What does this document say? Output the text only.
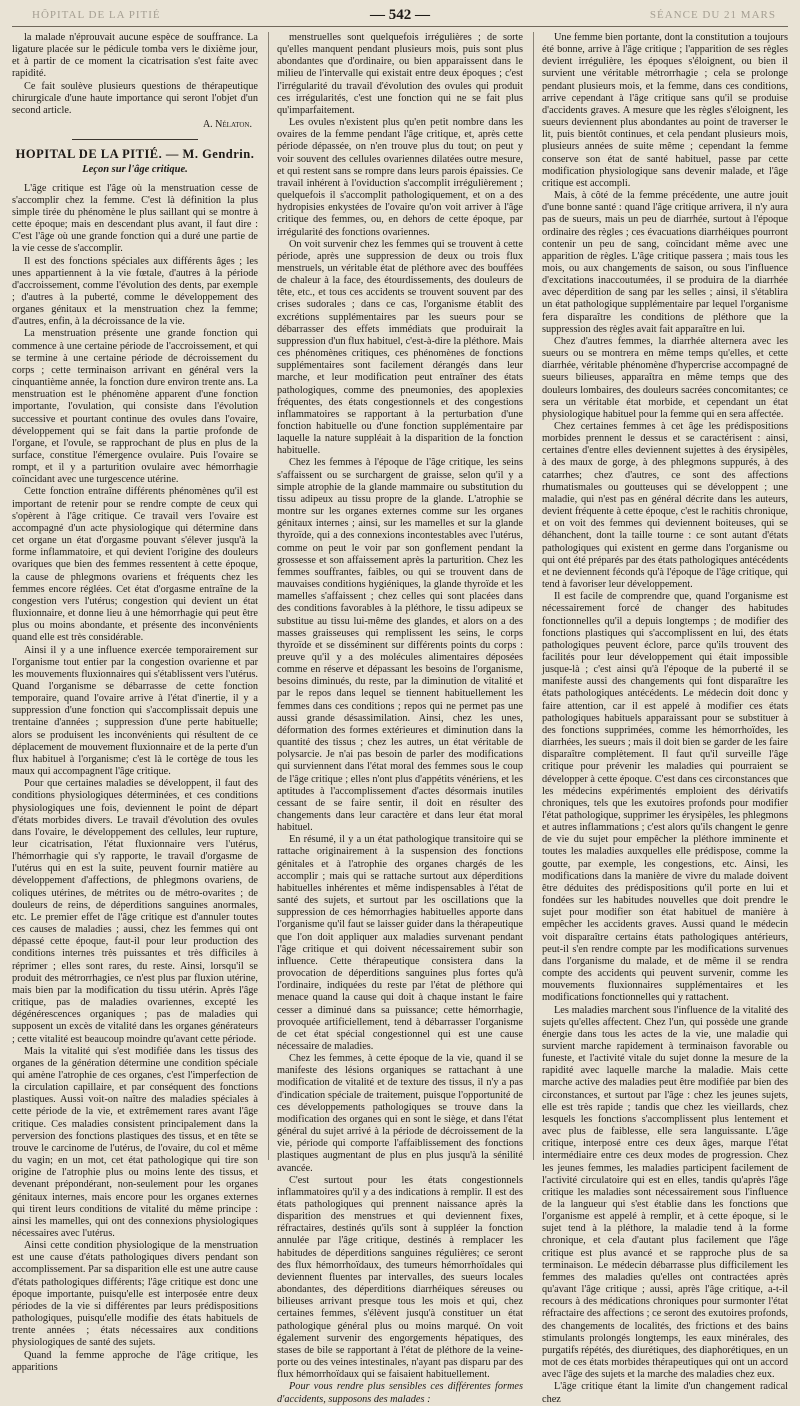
HÔPITAL DE LA PITIÉ	— 542 —	SÉANCE DU 21 MARS

la malade n'éprouvait aucune espèce de souffrance. La ligature placée sur le pédicule tomba vers le dixième jour, et à partir de ce moment la cicatrisation s'est faite avec rapidité.

Ce fait soulève plusieurs questions de thérapeutique chirurgicale d'une haute importance qui seront l'objet d'un second article.

A. Nélaton.
HOPITAL DE LA PITIÉ. — M. Gendrin.
Leçon sur l'âge critique.

L'âge critique est l'âge où la menstruation cesse de s'accomplir chez la femme. C'est là définition la plus simple tirée du phénomène le plus saillant qui se montre à cette époque; mais en descendant plus avant, il faut dire : C'est l'âge où une grande fonction qui a duré une partie de la vie cesse de s'accomplir.

Il est des fonctions spéciales aux différents âges ; les unes appartiennent à la vie fœtale, d'autres à la période d'accroissement, comme l'évolution des dents, par exemple ; d'autres à la puberté, comme le développement des organes génitaux et la menstruation chez la femme; d'autres, enfin, à la décroissance de la vie.

La menstruation présente une grande fonction qui commence à une certaine période de l'accroissement, et qui se termine à une certaine période de décroissement du corps ; cette terminaison arrivant en général vers la cinquantième année, la fonction dure environ trente ans. La menstruation est le phénomène apparent d'une fonction importante, l'ovulation, qui consiste dans l'évolution successive et pourtant continue des ovules dans l'ovaire, développement qui se fait dans la partie profonde de l'organe, et l'ovule, se rapprochant de plus en plus de la surface, constitue l'émergence ovulaire. Puis l'ovaire se rompt, et il y a parturition ovulaire avec hémorrhagie coïncidant avec une turgescence utérine.

Cette fonction entraîne différents phénomènes qu'il est important de retenir pour se rendre compte de ceux qui s'opèrent à l'âge critique. Ce travail vers l'ovaire est accompagné d'un acte physiologique qui détermine dans cet organe un état d'orgasme pouvant s'élever jusqu'à la forme inflammatoire, et qui devient l'origine des douleurs ovariques que bien des femmes ressentent à cette époque, la cause de phlegmons ovariens et fréquents chez les femmes encore réglées. Cet état d'orgasme entraîne de la congestion vers l'utérus; congestion qui devient un état fluxionnaire, et donne lieu à une hémorrhagie qui peut être plus ou moins abondante, et présente des inconvénients quand elle est très considérable.

Ainsi il y a une influence exercée temporairement sur l'organisme tout entier par la congestion ovarienne et par les mouvements fluxionnaires qui s'établissent vers l'utérus. Quand l'organisme se débarrasse de cette fonction temporaire, quand l'ovaire arrive à l'état d'inertie, il y a suppression d'une fonction qui s'accomplissait depuis une trentaine d'années ; suppression d'une perte habituelle; alors se produisent les inconvénients qui résultent de ce déplacement de mouvement fluxionnaire et de la perte d'un flux habituel à l'organisme; c'est là le cortège de tous les maux qui accompagnent l'âge critique.

Pour que certaines maladies se développent, il faut des conditions physiologiques déterminées, et ces conditions physiologiques une fois, deviennent le point de départ d'états morbides divers. Le travail d'évolution des ovules dans l'ovaire, le développement des cellules, leur rupture, leur cicatrisation, l'état fluxionnaire vers l'utérus, l'hémorrhagie qui s'y rapporte, le travail d'orgasme de l'utérus qui en est la suite, peuvent fournir matière au développement d'affections, de phlegmons ovariens, de coliques utérines, de métrites ou de métro-ovarites ; de douleurs de reins, de déperditions sanguines anormales, etc. Le premier effet de l'âge critique est d'annuler toutes ces causes de maladies ; aussi, chez les femmes qui ont dépassé cette époque, faut-il pour leur production des conditions internes très puissantes et très difficiles à réprimer ; elles sont rares, du reste. Ainsi, lorsqu'il se produit des métrorrhagies, ce n'est plus par fluxion utérine, mais bien par la modification du tissu utérin. Après l'âge critique, pas de maladies ovariennes, excepté les dégénérescences organiques ; pas de maladies qui supposent un excès de vitalité dans les organes générateurs ; cette vitalité est beaucoup moindre qu'avant cette période.

Mais la vitalité qui s'est modifiée dans les tissus des organes de la génération détermine une condition spéciale qui amène l'atrophie de ces organes, c'est l'imperfection de la circulation capillaire, et par conséquent des fonctions plastiques. Aussi voit-on naître des maladies spéciales à cette période de la vie, et extrêmement rares avant l'âge critique. Ces maladies consistent principalement dans la perversion des fonctions plastiques des tissus, et en tête se trouve le carcinome de l'utérus, de l'ovaire, du col et même du vagin; en un mot, cet état pathologique qui tire son origine de l'atrophie plus ou moins lente des tissus, et devenant prépondérant, non-seulement pour les organes génitaux internes, mais encore pour les organes externes qui tirent leurs conditions de vitalité du même principe : ainsi les mamelles, qui ont des connexions physiologiques nécessaires avec l'utérus.

Ainsi cette condition physiologique de la menstruation est une cause d'états pathologiques divers pendant son accomplissement. Par sa disparition elle est une autre cause d'états pathologiques différents; l'âge critique est donc une époque importante, puisqu'elle est interposée entre deux périodes de la vie si différentes par leurs prédispositions pathologiques, puisqu'elle modifie des états habituels de trente années ; états nécessaires aux conditions physiologiques de santé des sujets.

Quand la femme approche de l'âge critique, les apparitions

menstruelles sont quelquefois irrégulières ; de sorte qu'elles manquent pendant plusieurs mois, puis sont plus abondantes que d'ordinaire, ou bien apparaissent dans le milieu de l'intervalle qui existait entre deux époques ; c'est l'irrégularité du travail d'évolution des ovules qui produit ces irrégularités, c'est une fonction qui ne se fait plus qu'imparfaitement.

Les ovules n'existent plus qu'en petit nombre dans les ovaires de la femme pendant l'âge critique, et, après cette période dépassée, on n'en trouve plus du tout; on peut y voir souvent des cellules ovariennes dilatées outre mesure, et qui restent sans se rompre dans leurs parois épaissies. Ce travail inhérent à l'oviduction s'accomplit irrégulièrement ; quelquefois il s'accomplit pathologiquement, et on a des hydropisies enkystées de l'ovaire qu'on voit arriver à l'âge critique des femmes, ou, en dehors de cette époque, par irrégularité des fonctions ovariennes.

On voit survenir chez les femmes qui se trouvent à cette période, après une suppression de deux ou trois flux menstruels, un véritable état de pléthore avec des bouffées de chaleur à la face, des étourdissements, des douleurs de tête, etc., et tous ces accidents se trouvent souvent par des crises sudorales ; dans ce cas, l'organisme établit des excrétions supplémentaires par les sueurs pour se débarrasser des effets immédiats que produirait la suppression d'un flux habituel, c'est-à-dire la pléthore. Mais ces phénomènes critiques, ces phénomènes de fonctions supplémentaires sont facilement dérangés dans leur marche, et leur modification peut entraîner des états pathologiques, comme des pneumonies, des apoplexies fréquentes, des états congestionnels et des congestions inflammatoires se rapportant à la perturbation d'une fonction habituelle ou d'une fonction supplémentaire par laquelle la nature suppléait à la disparition de la fonction habituelle.

Chez les femmes à l'époque de l'âge critique, les seins s'affaissent ou se surchargent de graisse, selon qu'il y a simple atrophie de la glande mammaire ou substitution du tissu adipeux au tissu propre de la glande. L'atrophie se montre sur les organes externes comme sur les organes génitaux internes ; ainsi, sur les mamelles et sur la glande thyroïde, qui a des connexions incontestables avec l'utérus, comme on peut le voir par son gonflement pendant la grossesse et son affaissement après la parturition. Chez les femmes souffrantes, faibles, ou qui se trouvent dans de mauvaises conditions hygiéniques, la glande thyroïde et les mamelles s'affaissent ; chez celles qui sont placées dans des conditions favorables à la pléthore, le tissu adipeux se substitue au tissu lui-même des glandes, et alors on a des masses graisseuses qui remplissent les seins, le corps thyroïde et se disséminent sur différents points du corps : preuve qu'il y a des molécules alimentaires déposées comme en réserve et dépassant les besoins de l'organisme, besoins diminués, du reste, par la diminution de vitalité et par le repos dans lequel se tiennent habituellement les femmes dans ces conditions ; repos qui ne permet pas une aussi grande désassimilation. Ainsi, chez les unes, déformation des formes extérieures et diminution dans la quantité des tissus ; chez les autres, un état véritable de polysarcie. Je n'ai pas besoin de parler des modifications qui surviennent dans l'état moral des femmes sous le coup de l'âge critique ; elles n'ont plus d'appétits vénériens, et les aptitudes à l'accomplissement d'actes désormais inutiles cessant de se faire sentir, il doit en résulter des changements dans leur caractère et dans leur état moral habituel.

En résumé, il y a un état pathologique transitoire qui se rattache originairement à la suspension des fonctions génitales et à l'atrophie des organes chargés de les accomplir ; mais qui se rattache surtout aux déperditions habituelles inhérentes et même indispensables à l'état de santé des sujets, et surtout par les oscillations que la suppression de ces hémorrhagies habituelles apporte dans l'organisme qu'il faut se laisser guider dans la thérapeutique que l'on doit appliquer aux maladies survenant pendant l'âge critique et qui doivent nécessairement subir son influence. Cette thérapeutique consistera dans la provocation de déperditions sanguines plus fortes qu'à l'ordinaire, indiquées du reste par l'état de pléthore qui menace quand la cause qui doit à chaque instant le faire cesser a diminué dans sa puissance; cette hémorrhagie, provoquée artificiellement, tend à débarrasser l'organisme de cet état spécial congestionnel qui est une cause nécessaire de maladies.

Chez les femmes, à cette époque de la vie, quand il se manifeste des lésions organiques se rattachant à une modification de vitalité et de texture des tissus, il n'y a pas d'indication spéciale de traitement, puisque l'opportunité de ces développements pathologiques se trouve dans la modification des organes qui en sont le siège, et dans l'état général du sujet arrivé à la période de décroissement de la vie, période qui comporte l'affaiblissement des fonctions plastiques augmentant de plus en plus jusqu'à la sénilité avancée.

C'est surtout pour les états congestionnels inflammatoires qu'il y a des indications à remplir. Il est des états pathologiques qui prennent naissance après la disparition des menstrues et qui deviennent fixes, réfractaires, destinés qu'ils sont à suppléer la fonction annulée par l'âge critique, destinés à remplacer les habitudes de déperditions sanguines régulières; ce seront des flux hémorrhoïdaux, des tumeurs hémorrhoïdales qui deviennent fluentes par intervalles, des sueurs locales abondantes, des déperditions diarrhéiques séreuses ou bilieuses arrivant presque tous les mois et qui, chez certaines femmes, s'élèvent jusqu'à constituer un état pathologique général plus ou moins marqué. On voit également survenir des engorgements hépatiques, des stases de bile se rapportant à l'état de pléthore de la veine-porte ou des veines intestinales, n'ayant pas disparu par des flux hémorrhoïdaux qui se faisaient habituellement.

Pour vous rendre plus sensibles ces différentes formes d'accidents, supposons des malades :

Une femme bien portante, dont la constitution a toujours été bonne, arrive à l'âge critique ; l'apparition de ses règles devient irrégulière, les époques s'éloignent, ou bien il survient une véritable métrorrhagie ; cela se prolonge pendant plusieurs mois, et la femme, dans ces conditions, arrive cependant à l'âge critique sans qu'il se produise d'accidents graves. A mesure que les règles s'éloignent, les sueurs deviennent plus abondantes au point de traverser le lit, puis bientôt continues, et cela pendant plusieurs mois, plusieurs années de suite même ; cependant la femme conserve son état de santé habituel, passe par cette modification physiologique sans devenir malade, et l'âge critique est accompli.

Mais, à côté de la femme précédente, une autre jouit d'une bonne santé : quand l'âge critique arrivera, il n'y aura pas de sueurs, mais un peu de diarrhée, surtout à l'époque ordinaire des règles ; ces évacuations diarrhéiques pourront contenir un peu de sang, coïncidant même avec une apparition de règles. L'âge critique passera ; mais tous les mois, ou aux changements de saison, ou sous l'influence d'excitations inaccoutumées, il se produira de la diarrhée avec déperdition de sang par les selles ; ainsi, il s'établira un état pathologique supplémentaire par lequel l'organisme fera disparaître les conditions de pléthore que la suppression des règles avait fait apparaître en lui.

Chez d'autres femmes, la diarrhée alternera avec les sueurs ou se montrera en même temps qu'elles, et cette diarrhée, véritable phénomène d'hypercrise accompagné de sueurs bilieuses, apparaîtra en même temps que des douleurs lombaires, des douleurs sacrées concomitantes; ce sera un véritable état morbide, et cependant un état physiologique habituel pour la femme qui en sera affectée.

Chez certaines femmes à cet âge les prédispositions morbides prennent le dessus et se caractérisent : ainsi, certaines d'entre elles deviennent sujettes à des érysipèles, à des maux de gorge, à des phlegmons suppurés, à des catarrhes; chez d'autres, ce sont des affections rhumatismales ou goutteuses qui se développent ; une maladie, qui n'est pas en général décrite dans les auteurs, devient fréquente à cette époque, c'est le rachitis chronique, et on voit des femmes qui deviennent boiteuses, qui se déhanchent, dont la taille tourne : ce sont autant d'états pathologiques qui existent en germe dans l'organisme ou qui ont été préparés par des états pathologiques antécédents et ne deviennent féconds qu'à l'époque de l'âge critique, qui tend à favoriser leur développement.

Il est facile de comprendre que, quand l'organisme est nécessairement forcé de changer des habitudes fonctionnelles qu'il a depuis longtemps ; de modifier des fonctions plastiques qui s'accomplissent en lui, des états pathologiques peuvent éclore, parce qu'ils trouvent des facilités pour leur développement qui était impossible jusque-là ; c'est ainsi qu'à l'époque de la puberté il se manifeste aussi des changements qui font disparaître les états pathologiques antécédents. Le médecin doit donc y faire attention, car il est appelé à modifier ces états pathologiques habituels apparaissant pour se substituer à des fonctions supprimées, comme les hémorrhoïdes, les diarrhées, les sueurs ; mais il doit bien se garder de les faire disparaître complètement. Il faut qu'il surveille l'âge critique pour prévenir les maladies qui pourraient se développer à cette époque. C'est dans ces circonstances que les médecins expérimentés emploient des dérivatifs chroniques, tels que les exutoires profonds pour modifier l'état pathologique, supprimer les érysipèles, les phlegmons et autres inflammations ; c'est alors qu'ils changent le genre de vie du sujet pour empêcher la pléthore imminente et toutes les maladies auxquelles elle prédispose, comme la goutte, par exemple, les congestions, etc. Ainsi, les modifications dans la manière de vivre du malade doivent être déduites des prédispositions qu'il porte en lui et fondées sur les habitudes nouvelles que doit prendre le sujet pour modifier son état habituel de manière à empêcher les accidents graves. Aussi quand le médecin voit disparaître certains états pathologiques antérieurs, peut-il s'en rendre compte par les modifications survenues dans l'organisme du malade, et de même il se rendra compte des accidents qui peuvent survenir, comme les mouvements fluxionnaires supplémentaires et les modifications fonctionnelles qui y rattachent.

Les maladies marchent sous l'influence de la vitalité des sujets qu'elles affectent. Chez l'un, qui possède une grande énergie dans tous les actes de la vie, une maladie qui survient marche rapidement à terminaison favorable ou funeste, et l'activité vitale du sujet donne la mesure de la rapidité avec laquelle marche la maladie. Mais cette marche active des maladies peut être modifiée par bien des circonstances, et surtout par l'âge : chez les jeunes sujets, elle est très rapide ; tandis que chez les vieillards, chez lesquels les fonctions s'accomplissent plus lentement et avec plus de faiblesse, elle sera languissante. L'âge critique, interposé entre ces deux âges, marque l'état intermédiaire entre ces deux modes de progression. Chez les jeunes femmes, les maladies participent facilement de l'activité circulatoire qui est en elles, tandis qu'après l'âge critique les maladies sont nécessairement sous l'influence de la langueur qui s'est établie dans les fonctions que l'organisme est appelé à remplir, et à cette époque, si le sujet tend à la pléthore, la maladie tend à la forme chronique, et cela d'autant plus facilement que l'âge critique est plus avancé et se rapproche plus de sa terminaison. Le médecin débarrasse plus difficilement les femmes des maladies qu'elles ont contractées après qu'avant l'âge critique ; aussi, après l'âge critique, a-t-il recours à des médications chroniques pour surmonter l'état réfractaire des affections ; ce seront des exutoires profonds, des changements de localités, des frictions et des bains stimulants prolongés longtemps, les eaux minérales, des purgatifs répétés, des diurétiques, des diaphorétiques, en un mot de ces états morbides thérapeutiques qui ont un accord avec l'âge des sujets et la marche des maladies chez eux.

L'âge critique étant la limite d'un changement radical chez
